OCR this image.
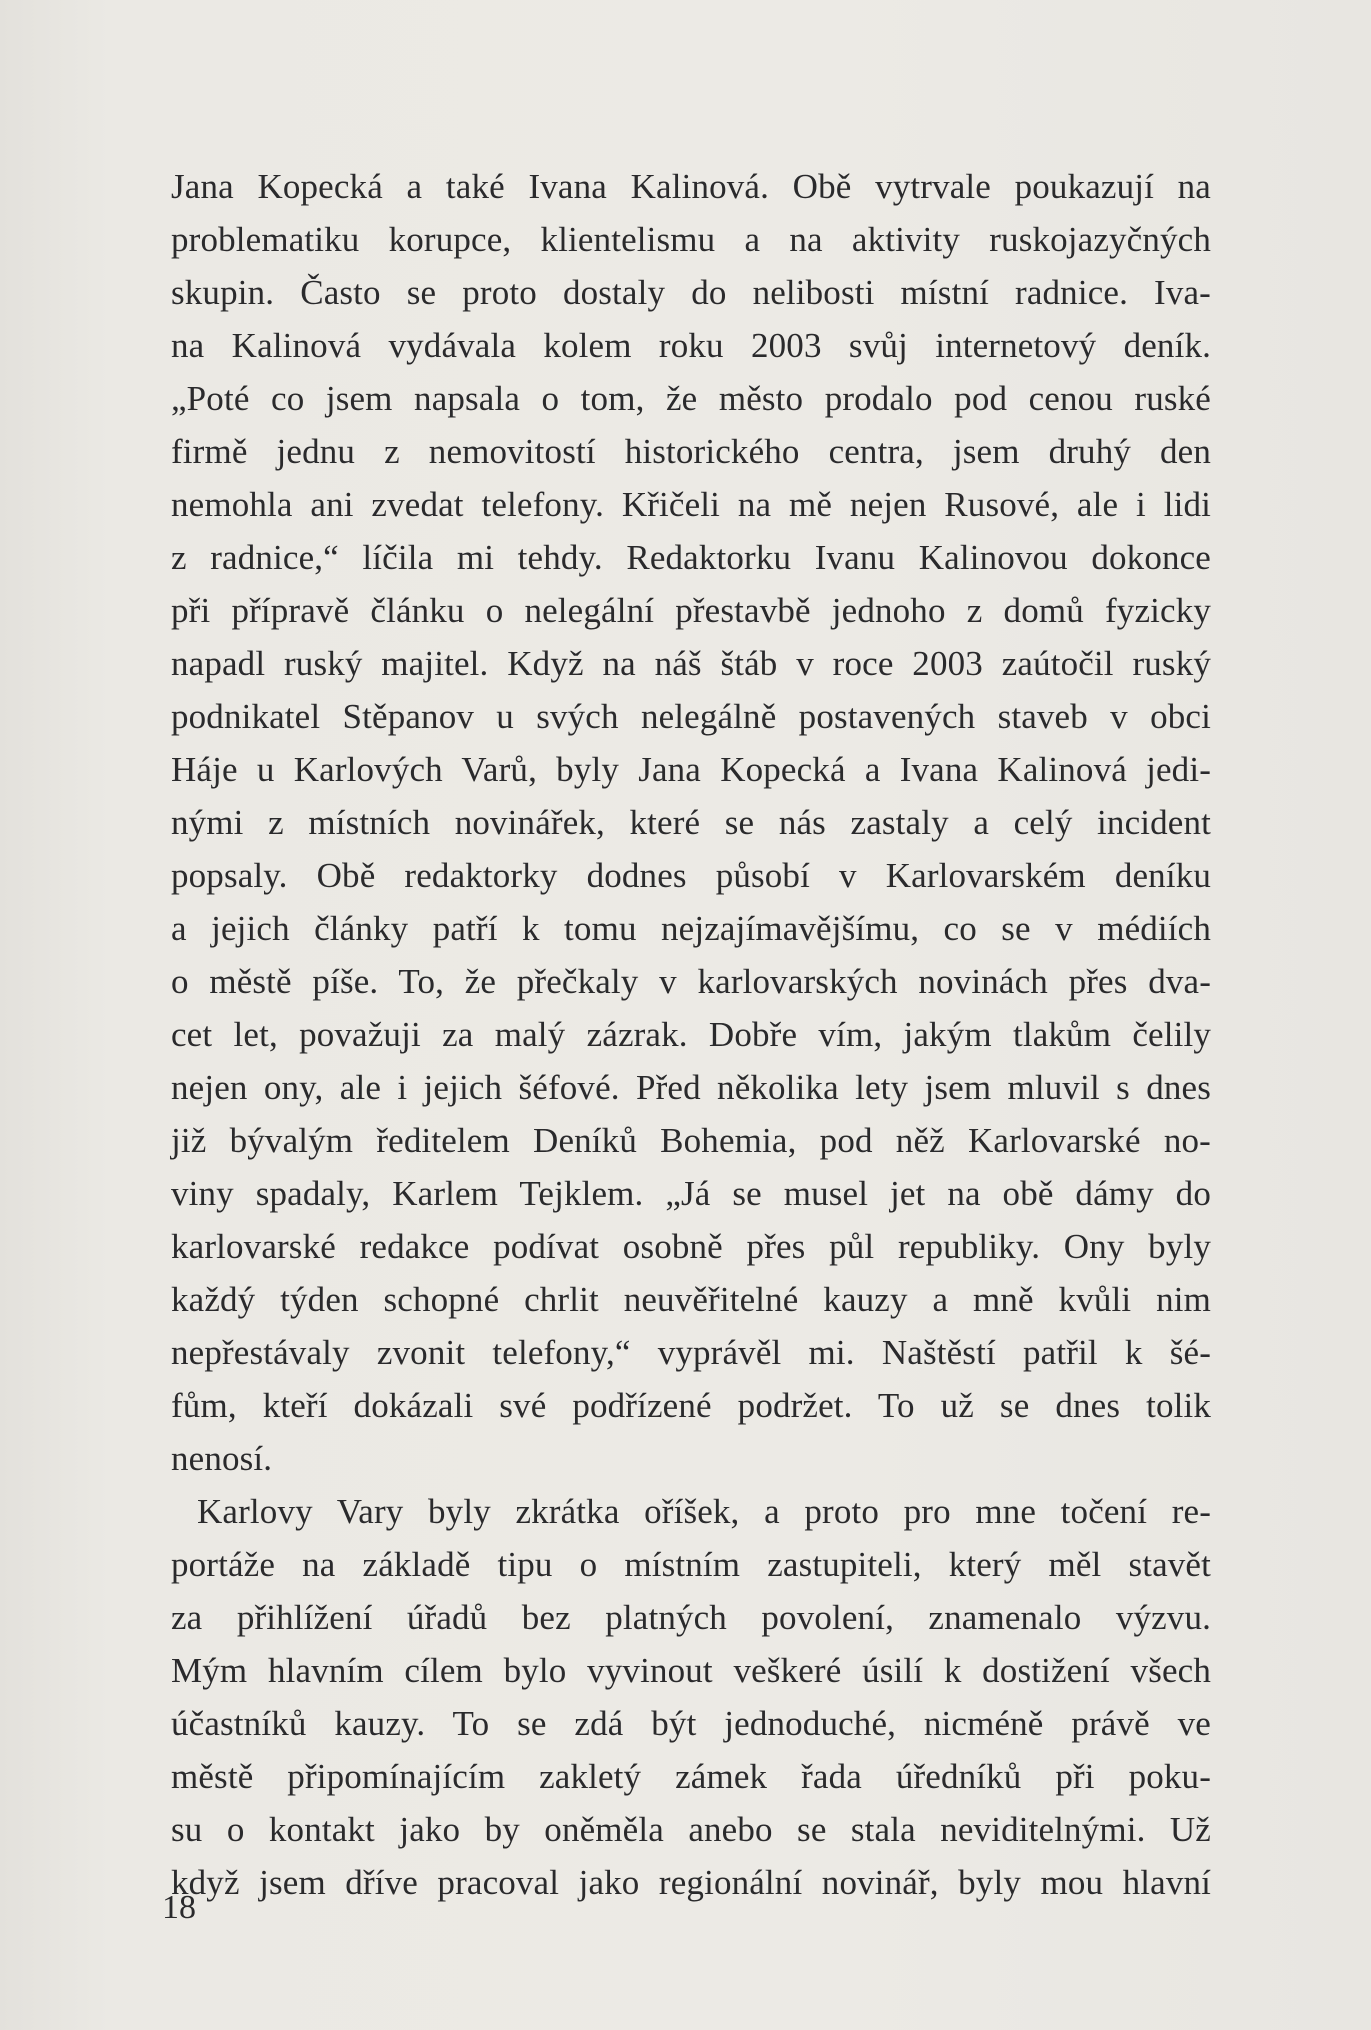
Jana Kopecká a také Ivana Kalinová. Obě vytrvale poukazují na
problematiku korupce, klientelismu a na aktivity ruskojazyčných
skupin. Často se proto dostaly do nelibosti místní radnice. Iva-
na Kalinová vydávala kolem roku 2003 svůj internetový deník.
„Poté co jsem napsala o tom, že město prodalo pod cenou ruské
firmě jednu z nemovitostí historického centra, jsem druhý den
nemohla ani zvedat telefony. Křičeli na mě nejen Rusové, ale i lidi
z radnice,“ líčila mi tehdy. Redaktorku Ivanu Kalinovou dokonce
při přípravě článku o nelegální přestavbě jednoho z domů fyzicky
napadl ruský majitel. Když na náš štáb v roce 2003 zaútočil ruský
podnikatel Stěpanov u svých nelegálně postavených staveb v obci
Háje u Karlových Varů, byly Jana Kopecká a Ivana Kalinová jedi-
nými z místních novinářek, které se nás zastaly a celý incident
popsaly. Obě redaktorky dodnes působí v Karlovarském deníku
a jejich články patří k tomu nejzajímavějšímu, co se v médiích
o městě píše. To, že přečkaly v karlovarských novinách přes dva-
cet let, považuji za malý zázrak. Dobře vím, jakým tlakům čelily
nejen ony, ale i jejich šéfové. Před několika lety jsem mluvil s dnes
již bývalým ředitelem Deníků Bohemia, pod něž Karlovarské no-
viny spadaly, Karlem Tejklem. „Já se musel jet na obě dámy do
karlovarské redakce podívat osobně přes půl republiky. Ony byly
každý týden schopné chrlit neuvěřitelné kauzy a mně kvůli nim
nepřestávaly zvonit telefony,“ vyprávěl mi. Naštěstí patřil k šé-
fům, kteří dokázali své podřízené podržet. To už se dnes tolik
nenosí.
Karlovy Vary byly zkrátka oříšek, a proto pro mne točení re-
portáže na základě tipu o místním zastupiteli, který měl stavět
za přihlížení úřadů bez platných povolení, znamenalo výzvu.
Mým hlavním cílem bylo vyvinout veškeré úsilí k dostižení všech
účastníků kauzy. To se zdá být jednoduché, nicméně právě ve
městě připomínajícím zakletý zámek řada úředníků při poku-
su o kontakt jako by oněměla anebo se stala neviditelnými. Už
když jsem dříve pracoval jako regionální novinář, byly mou hlavní
18
